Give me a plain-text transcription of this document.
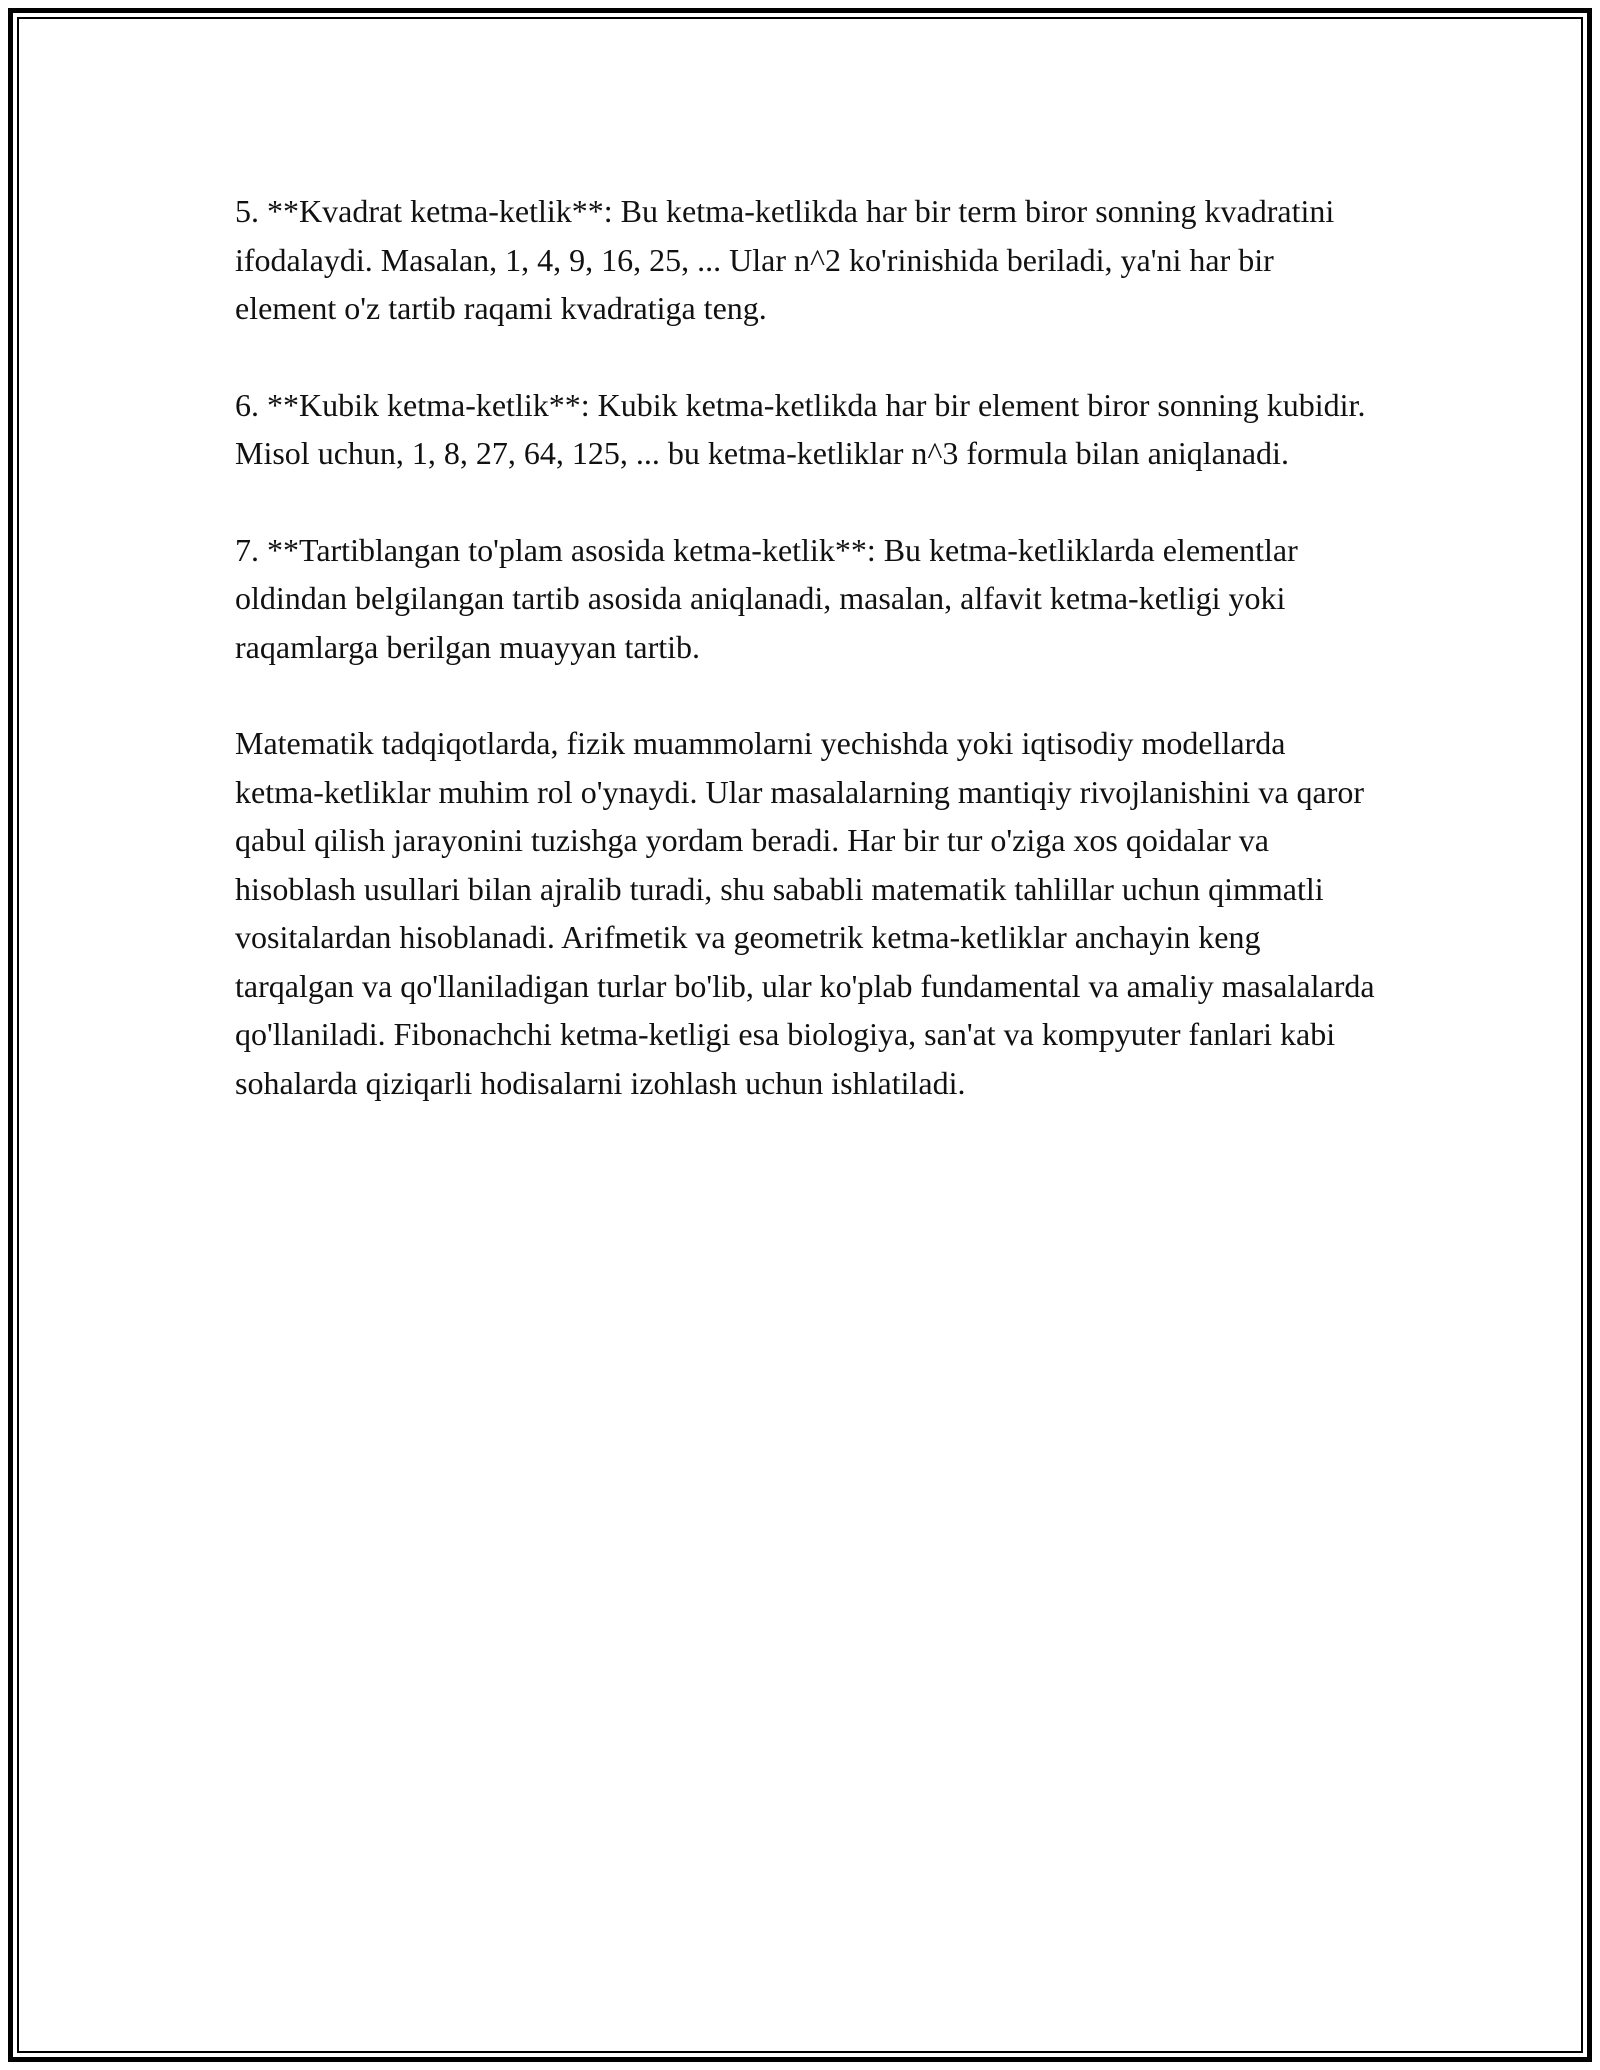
5. **Kvadrat ketma-ketlik**: Bu ketma-ketlikda har bir term biror sonning kvadratini ifodalaydi. Masalan, 1, 4, 9, 16, 25, ... Ular n^2 ko'rinishida beriladi, ya'ni har bir element o'z tartib raqami kvadratiga teng.

6. **Kubik ketma-ketlik**: Kubik ketma-ketlikda har bir element biror sonning kubidir. Misol uchun, 1, 8, 27, 64, 125, ... bu ketma-ketliklar n^3 formula bilan aniqlanadi.

7. **Tartiblangan to'plam asosida ketma-ketlik**: Bu ketma-ketliklarda elementlar oldindan belgilangan tartib asosida aniqlanadi, masalan, alfavit ketma-ketligi yoki raqamlarga berilgan muayyan tartib.

Matematik tadqiqotlarda, fizik muammolarni yechishda yoki iqtisodiy modellarda ketma-ketliklar muhim rol o'ynaydi. Ular masalalarning mantiqiy rivojlanishini va qaror qabul qilish jarayonini tuzishga yordam beradi. Har bir tur o'ziga xos qoidalar va hisoblash usullari bilan ajralib turadi, shu sababli matematik tahlillar uchun qimmatli vositalardan hisoblanadi. Arifmetik va geometrik ketma-ketliklar anchayin keng tarqalgan va qo'llaniladigan turlar bo'lib, ular ko'plab fundamental va amaliy masalalarda qo'llaniladi. Fibonachchi ketma-ketligi esa biologiya, san'at va kompyuter fanlari kabi sohalarda qiziqarli hodisalarni izohlash uchun ishlatiladi.
